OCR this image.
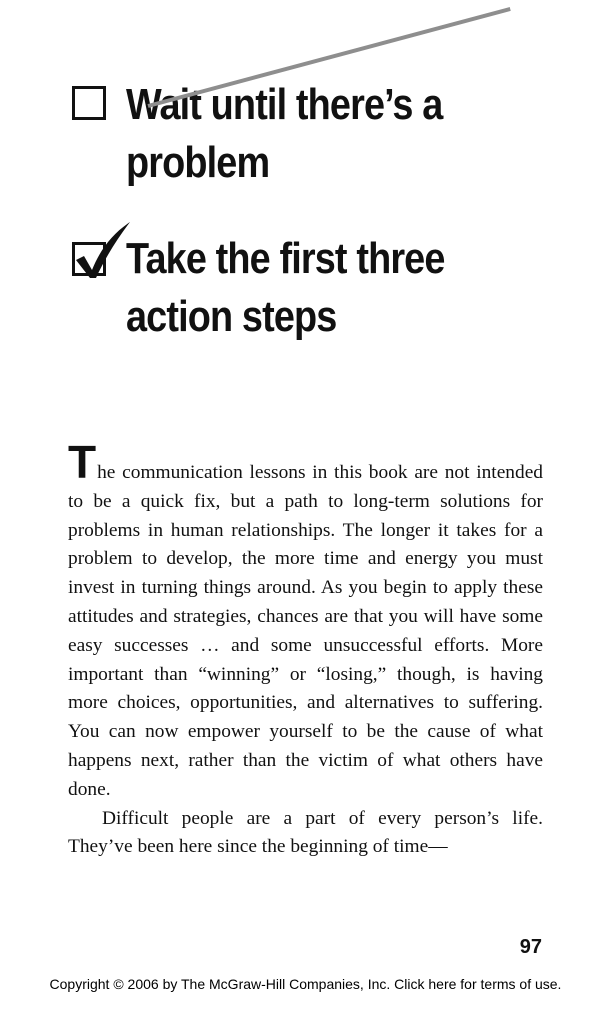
Wait until there’s a
problem
Take the first three
action steps

The communication lessons in this book are not intended to be a quick fix, but a path to long-term solutions for problems in human relationships. The longer it takes for a problem to develop, the more time and energy you must invest in turning things around. As you begin to apply these attitudes and strategies, chances are that you will have some easy successes … and some unsuccessful efforts. More important than “winning” or “losing,” though, is having more choices, opportunities, and alternatives to suffering. You can now empower yourself to be the cause of what happens next, rather than the victim of what others have done.

Difficult people are a part of every person’s life. They’ve been here since the beginning of time—

97

Copyright © 2006 by The McGraw-Hill Companies, Inc. Click here for terms of use.
